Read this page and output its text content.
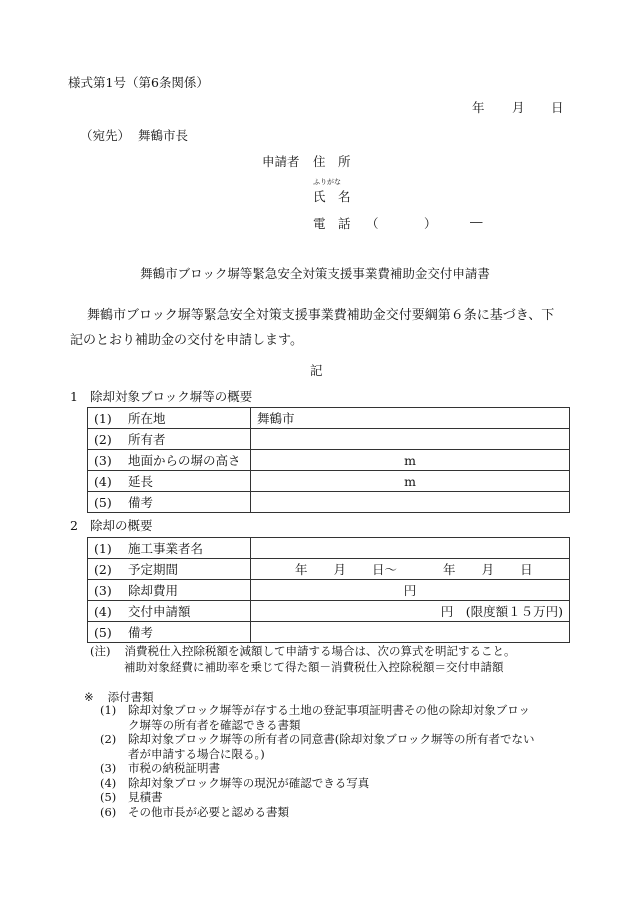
様式第1号（第6条関係）
年 月 日
（宛先） 舞鶴市長
申請者 住　所
ふりがな
氏　名
電　話 （	）	―
舞鶴市ブロック塀等緊急安全対策支援事業費補助金交付申請書
舞鶴市ブロック塀等緊急安全対策支援事業費補助金交付要綱第６条に基づき、下
記のとおり補助金の交付を申請します。
記
1 除却対象ブロック塀等の概要
(1) 所在地	舞鶴市
(2) 所有者	
(3) 地面からの塀の高さ	m
(4) 延長	m
(5) 備考	
2 除却の概要
(1) 施工事業者名	
(2) 予定期間	年 月 日〜 年 月 日
(3) 除却費用	円
(4) 交付申請額	円　(限度額１５万円)
(5) 備考	
(注) 消費税仕入控除税額を減額して申請する場合は、次の算式を明記すること。
補助対象経費に補助率を乗じて得た額－消費税仕入控除税額＝交付申請額
※ 添付書類
(1)	除却対象ブロック塀等が存する土地の登記事項証明書その他の除却対象ブロッ
ク塀等の所有者を確認できる書類
(2)	除却対象ブロック塀等の所有者の同意書(除却対象ブロック塀等の所有者でない
者が申請する場合に限る。)
(3)	市税の納税証明書
(4)	除却対象ブロック塀等の現況が確認できる写真
(5)	見積書
(6)	その他市長が必要と認める書類
